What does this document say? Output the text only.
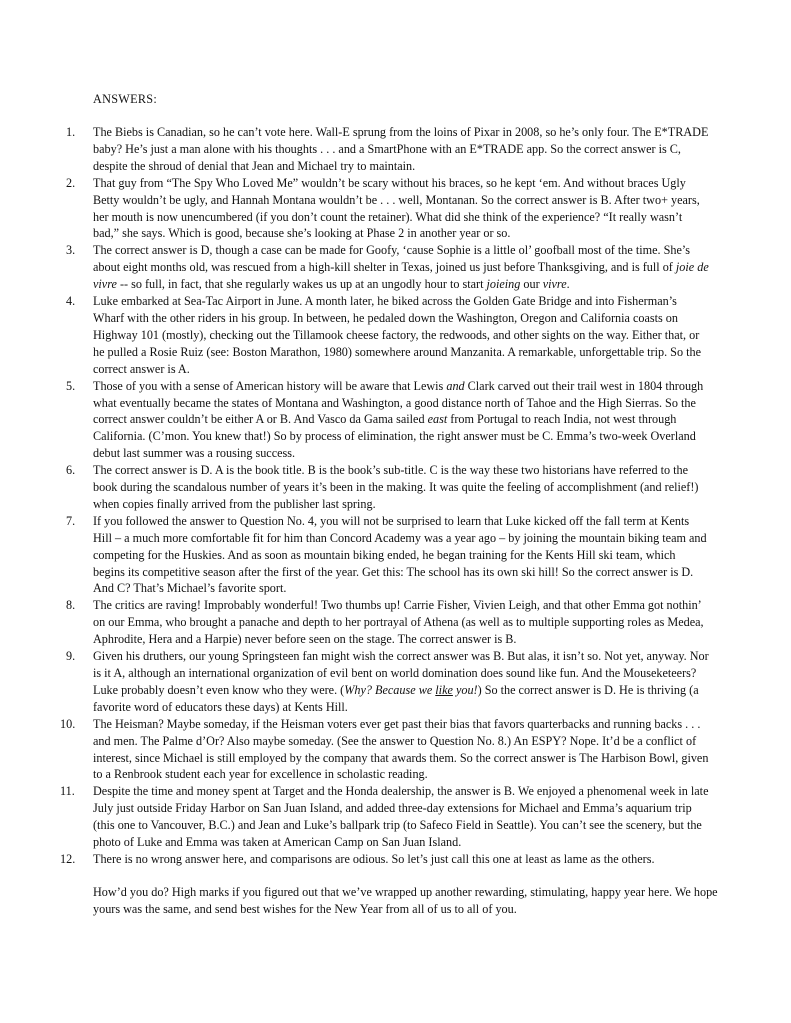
ANSWERS:
1.	The Biebs is Canadian, so he can’t vote here. Wall-E sprung from the loins of Pixar in 2008, so he’s only four. The E*TRADE baby? He’s just a man alone with his thoughts . . . and a SmartPhone with an E*TRADE app. So the correct answer is C, despite the shroud of denial that Jean and Michael try to maintain.
2.	That guy from “The Spy Who Loved Me” wouldn’t be scary without his braces, so he kept ‘em. And without braces Ugly Betty wouldn’t be ugly, and Hannah Montana wouldn’t be . . . well, Montanan. So the correct answer is B. After two+ years, her mouth is now unencumbered (if you don’t count the retainer). What did she think of the experience? “It really wasn’t bad,” she says. Which is good, because she’s looking at Phase 2 in another year or so.
3.	The correct answer is D, though a case can be made for Goofy, ‘cause Sophie is a little ol’ goofball most of the time. She’s about eight months old, was rescued from a high-kill shelter in Texas, joined us just before Thanksgiving, and is full of joie de vivre -- so full, in fact, that she regularly wakes us up at an ungodly hour to start joieing our vivre.
4.	Luke embarked at Sea-Tac Airport in June. A month later, he biked across the Golden Gate Bridge and into Fisherman’s Wharf with the other riders in his group. In between, he pedaled down the Washington, Oregon and California coasts on Highway 101 (mostly), checking out the Tillamook cheese factory, the redwoods, and other sights on the way. Either that, or he pulled a Rosie Ruiz (see: Boston Marathon, 1980) somewhere around Manzanita. A remarkable, unforgettable trip. So the correct answer is A.
5.	Those of you with a sense of American history will be aware that Lewis and Clark carved out their trail west in 1804 through what eventually became the states of Montana and Washington, a good distance north of Tahoe and the High Sierras. So the correct answer couldn’t be either A or B. And Vasco da Gama sailed east from Portugal to reach India, not west through California. (C’mon. You knew that!) So by process of elimination, the right answer must be C. Emma’s two-week Overland debut last summer was a rousing success.
6.	The correct answer is D. A is the book title. B is the book’s sub-title. C is the way these two historians have referred to the book during the scandalous number of years it’s been in the making. It was quite the feeling of accomplishment (and relief!) when copies finally arrived from the publisher last spring.
7.	If you followed the answer to Question No. 4, you will not be surprised to learn that Luke kicked off the fall term at Kents Hill – a much more comfortable fit for him than Concord Academy was a year ago – by joining the mountain biking team and competing for the Huskies. And as soon as mountain biking ended, he began training for the Kents Hill ski team, which begins its competitive season after the first of the year. Get this: The school has its own ski hill! So the correct answer is D. And C? That’s Michael’s favorite sport.
8.	The critics are raving! Improbably wonderful! Two thumbs up! Carrie Fisher, Vivien Leigh, and that other Emma got nothin’ on our Emma, who brought a panache and depth to her portrayal of Athena (as well as to multiple supporting roles as Medea, Aphrodite, Hera and a Harpie) never before seen on the stage. The correct answer is B.
9.	Given his druthers, our young Springsteen fan might wish the correct answer was B. But alas, it isn’t so. Not yet, anyway. Nor is it A, although an international organization of evil bent on world domination does sound like fun. And the Mouseketeers? Luke probably doesn’t even know who they were. (Why? Because we like you!) So the correct answer is D. He is thriving (a favorite word of educators these days) at Kents Hill.
10.	The Heisman? Maybe someday, if the Heisman voters ever get past their bias that favors quarterbacks and running backs . . . and men. The Palme d’Or? Also maybe someday. (See the answer to Question No. 8.) An ESPY? Nope. It’d be a conflict of interest, since Michael is still employed by the company that awards them. So the correct answer is The Harbison Bowl, given to a Renbrook student each year for excellence in scholastic reading.
11.	Despite the time and money spent at Target and the Honda dealership, the answer is B. We enjoyed a phenomenal week in late July just outside Friday Harbor on San Juan Island, and added three-day extensions for Michael and Emma’s aquarium trip (this one to Vancouver, B.C.) and Jean and Luke’s ballpark trip (to Safeco Field in Seattle). You can’t see the scenery, but the photo of Luke and Emma was taken at American Camp on San Juan Island.
12.	There is no wrong answer here, and comparisons are odious. So let’s just call this one at least as lame as the others.

How’d you do? High marks if you figured out that we’ve wrapped up another rewarding, stimulating, happy year here. We hope yours was the same, and send best wishes for the New Year from all of us to all of you.
